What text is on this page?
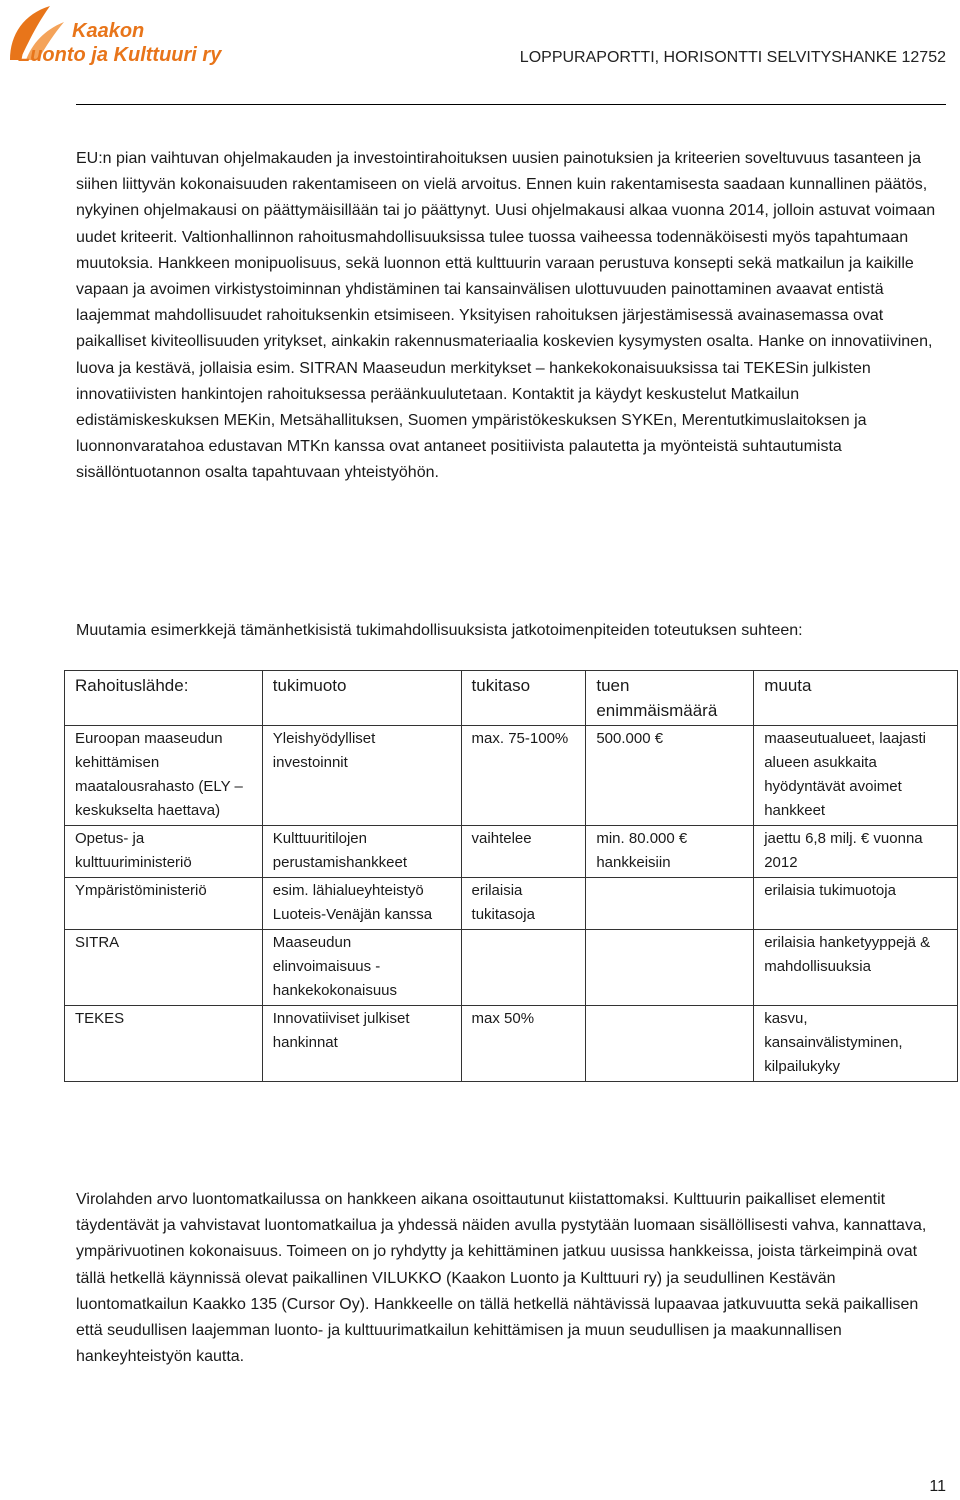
Kaakon
Luonto ja Kulttuuri ry	LOPPURAPORTTI, HORISONTTI SELVITYSHANKE 12752

EU:n pian vaihtuvan ohjelmakauden ja investointirahoituksen uusien painotuksien ja kriteerien soveltuvuus tasanteen ja siihen liittyvän kokonaisuuden rakentamiseen on vielä arvoitus. Ennen kuin rakentamisesta saadaan kunnallinen päätös, nykyinen ohjelmakausi on päättymäisillään tai jo päättynyt. Uusi ohjelmakausi alkaa vuonna 2014, jolloin astuvat voimaan uudet kriteerit. Valtionhallinnon rahoitusmahdollisuuksissa tulee tuossa vaiheessa todennäköisesti myös tapahtumaan muutoksia. Hankkeen monipuolisuus, sekä luonnon että kulttuurin varaan perustuva konsepti sekä matkailun ja kaikille vapaan ja avoimen virkistystoiminnan yhdistäminen tai kansainvälisen ulottuvuuden painottaminen avaavat entistä laajemmat mahdollisuudet rahoituksenkin etsimiseen. Yksityisen rahoituksen järjestämisessä avainasemassa ovat paikalliset kiviteollisuuden yritykset, ainkakin rakennusmateriaalia koskevien kysymysten osalta. Hanke on innovatiivinen, luova ja kestävä, jollaisia esim. SITRAN Maaseudun merkitykset – hankekokonaisuuksissa tai TEKESin julkisten innovatiivisten hankintojen rahoituksessa peräänkuulutetaan. Kontaktit ja käydyt keskustelut Matkailun edistämiskeskuksen MEKin, Metsähallituksen, Suomen ympäristökeskuksen SYKEn, Merentutkimuslaitoksen ja luonnonvaratahoa edustavan MTKn kanssa ovat antaneet positiivista palautetta ja myönteistä suhtautumista sisällöntuotannon osalta tapahtuvaan yhteistyöhön.

Muutamia esimerkkejä tämänhetkisistä tukimahdollisuuksista jatkotoimenpiteiden toteutuksen suhteen:

Rahoituslähde:	tukimuoto	tukitaso	tuen enimmäismäärä	muuta
Euroopan maaseudun kehittämisen maatalousrahasto (ELY –keskukselta haettava)	Yleishyödylliset investoinnit	max. 75-100%	500.000 €	maaseutualueet, laajasti alueen asukkaita hyödyntävät avoimet hankkeet
Opetus- ja kulttuuriministeriö	Kulttuuritilojen perustamishankkeet	vaihtelee	min. 80.000 € hankkeisiin	jaettu 6,8 milj. € vuonna 2012
Ympäristöministeriö	esim. lähialueyhteistyö Luoteis-Venäjän kanssa	erilaisia tukitasoja		erilaisia tukimuotoja
SITRA	Maaseudun elinvoimaisuus -hankekokonaisuus			erilaisia hanketyyppejä & mahdollisuuksia
TEKES	Innovatiiviset julkiset hankinnat	max 50%		kasvu, kansainvälistyminen, kilpailukyky

Virolahden arvo luontomatkailussa on hankkeen aikana osoittautunut kiistattomaksi. Kulttuurin paikalliset elementit täydentävät ja vahvistavat luontomatkailua ja yhdessä näiden avulla pystytään luomaan sisällöllisesti vahva, kannattava, ympärivuotinen kokonaisuus. Toimeen on jo ryhdytty ja kehittäminen jatkuu uusissa hankkeissa, joista tärkeimpinä ovat tällä hetkellä käynnissä olevat paikallinen VILUKKO (Kaakon Luonto ja Kulttuuri ry) ja seudullinen Kestävän luontomatkailun Kaakko 135 (Cursor Oy). Hankkeelle on tällä hetkellä nähtävissä lupaavaa jatkuvuutta sekä paikallisen että seudullisen laajemman luonto- ja kulttuurimatkailun kehittämisen ja muun seudullisen ja maakunnallisen hankeyhteistyön kautta.

11
